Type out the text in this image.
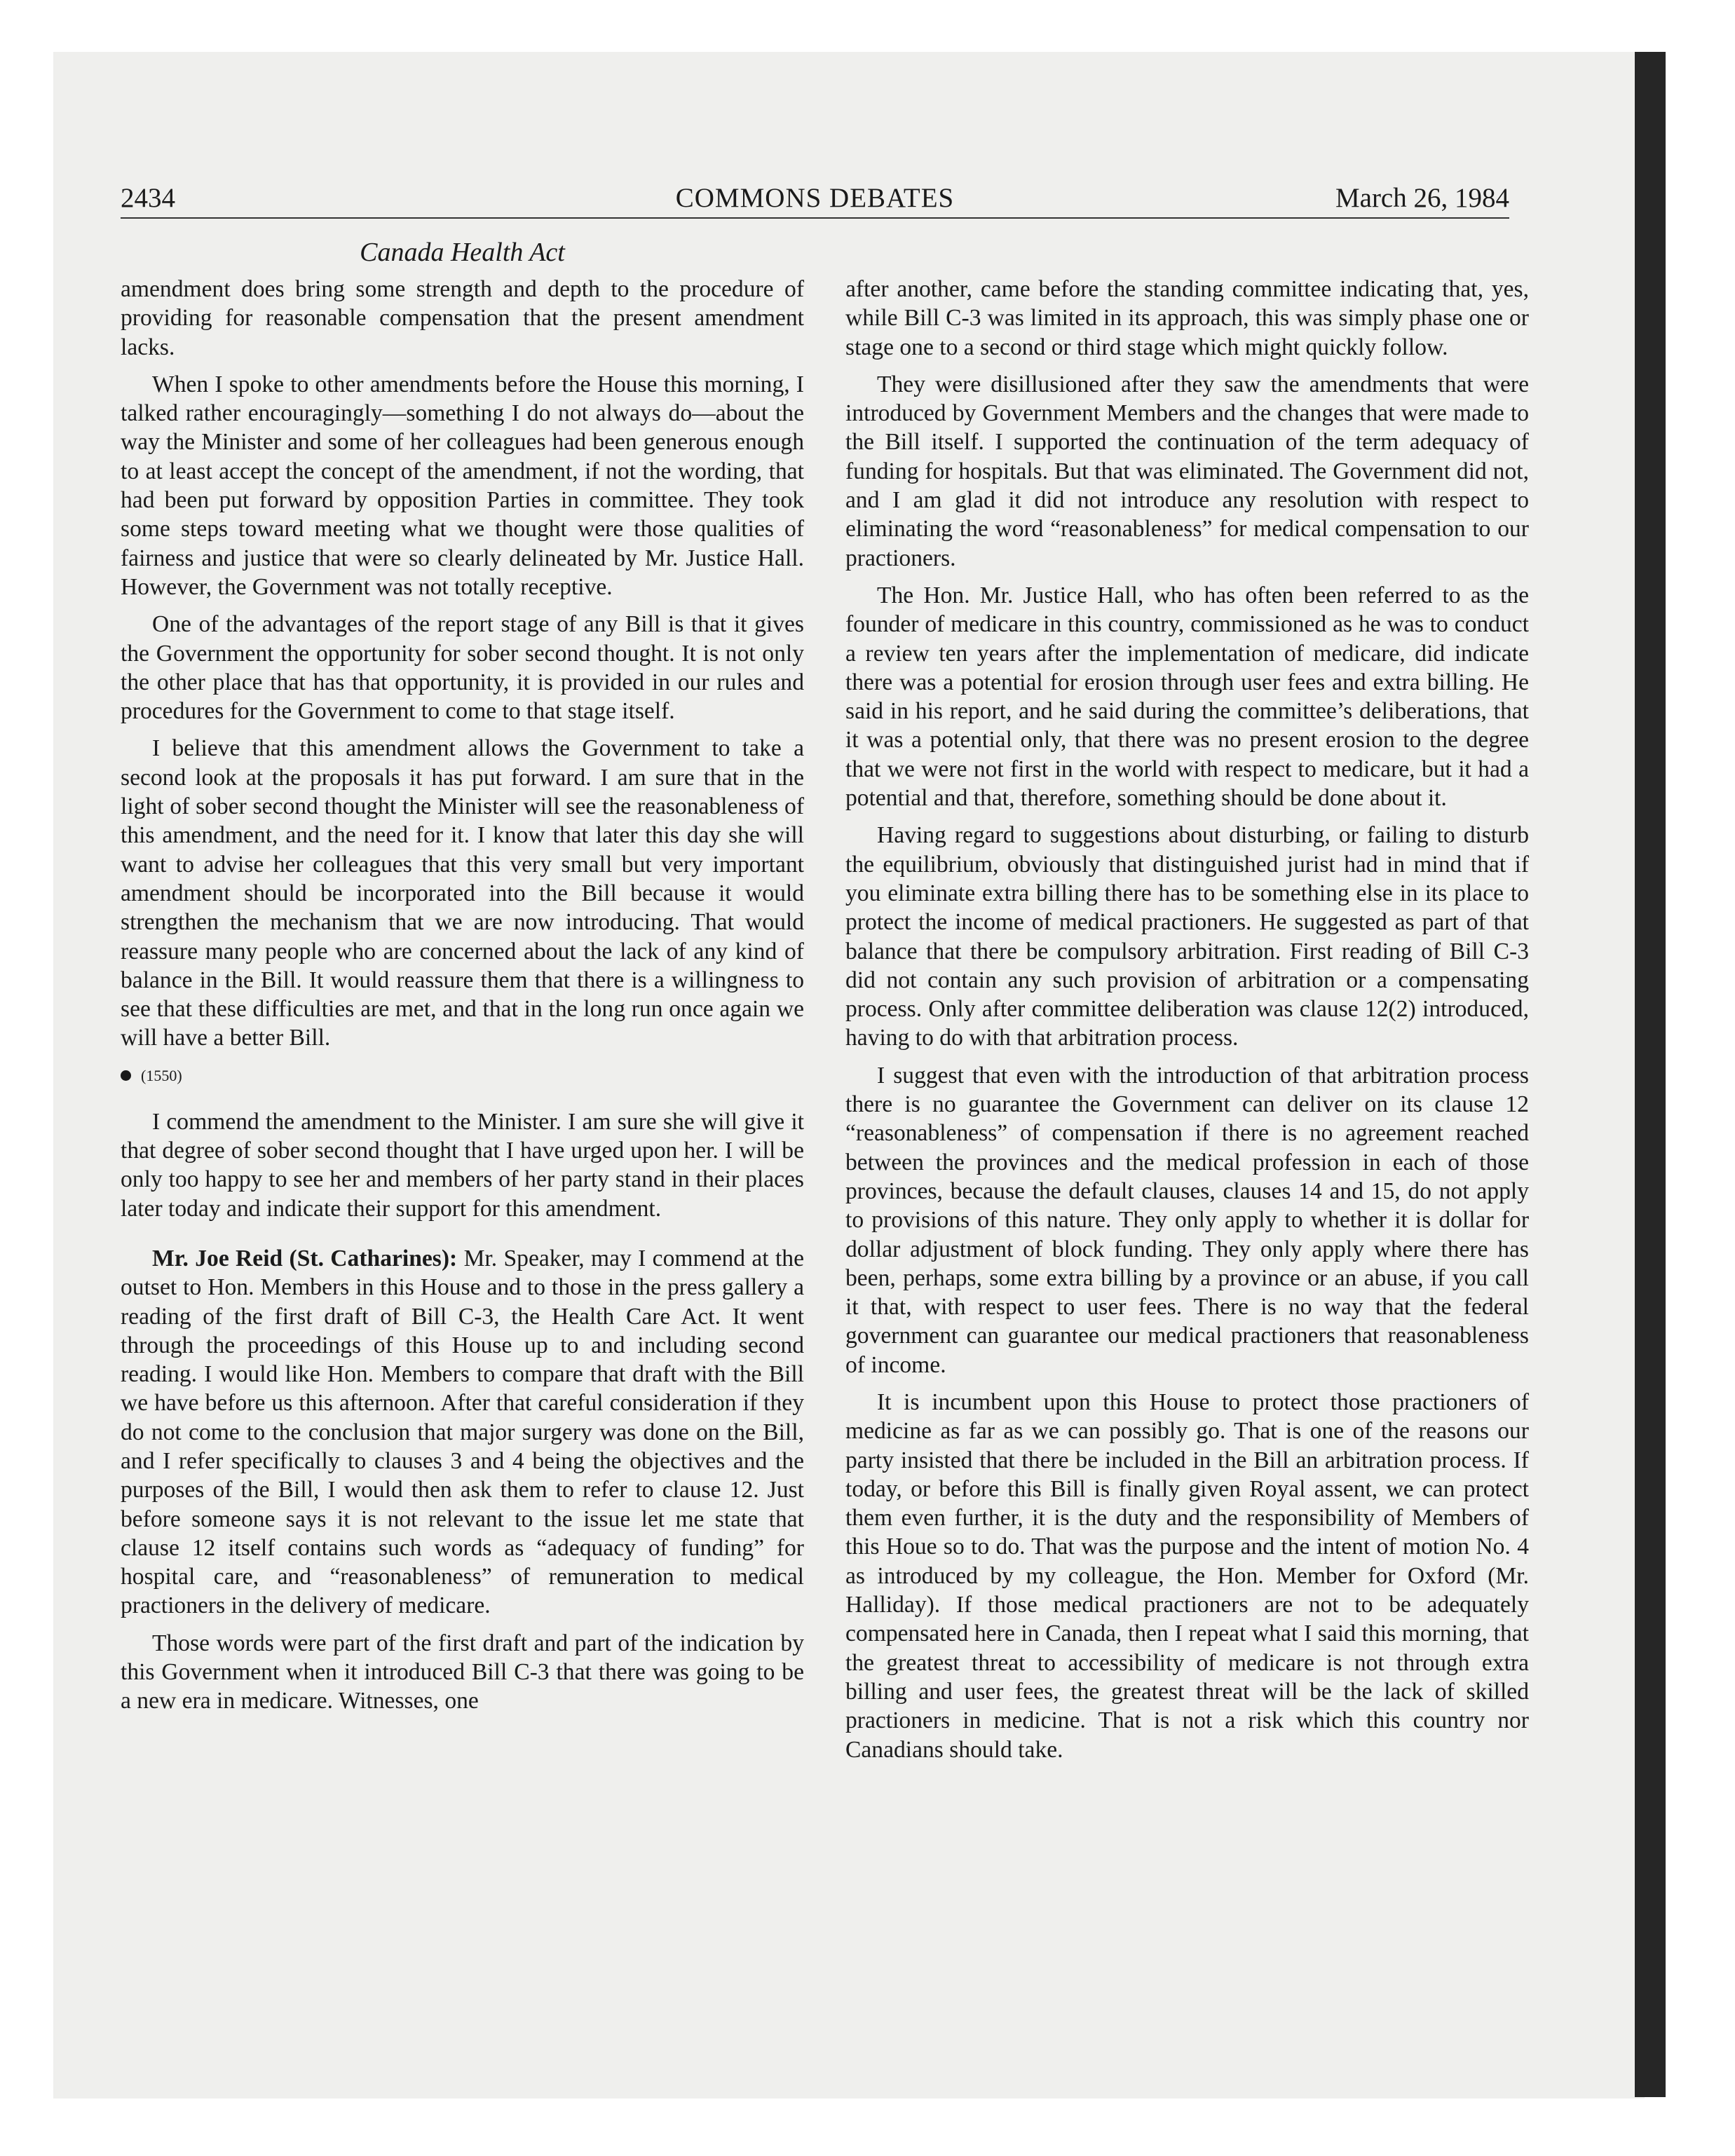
2434	COMMONS DEBATES	March 26, 1984
Canada Health Act

amendment does bring some strength and depth to the procedure of providing for reasonable compensation that the present amendment lacks.

When I spoke to other amendments before the House this morning, I talked rather encouragingly—something I do not always do—about the way the Minister and some of her colleagues had been generous enough to at least accept the concept of the amendment, if not the wording, that had been put forward by opposition Parties in committee. They took some steps toward meeting what we thought were those qualities of fairness and justice that were so clearly delineated by Mr. Justice Hall. However, the Government was not totally receptive.

One of the advantages of the report stage of any Bill is that it gives the Government the opportunity for sober second thought. It is not only the other place that has that opportunity, it is provided in our rules and procedures for the Government to come to that stage itself.

I believe that this amendment allows the Government to take a second look at the proposals it has put forward. I am sure that in the light of sober second thought the Minister will see the reasonableness of this amendment, and the need for it. I know that later this day she will want to advise her colleagues that this very small but very important amendment should be incorporated into the Bill because it would strengthen the mechanism that we are now introducing. That would reassure many people who are concerned about the lack of any kind of balance in the Bill. It would reassure them that there is a willingness to see that these difficulties are met, and that in the long run once again we will have a better Bill.

(1550)

I commend the amendment to the Minister. I am sure she will give it that degree of sober second thought that I have urged upon her. I will be only too happy to see her and members of her party stand in their places later today and indicate their support for this amendment.

Mr. Joe Reid (St. Catharines): Mr. Speaker, may I commend at the outset to Hon. Members in this House and to those in the press gallery a reading of the first draft of Bill C-3, the Health Care Act. It went through the proceedings of this House up to and including second reading. I would like Hon. Members to compare that draft with the Bill we have before us this afternoon. After that careful consideration if they do not come to the conclusion that major surgery was done on the Bill, and I refer specifically to clauses 3 and 4 being the objectives and the purposes of the Bill, I would then ask them to refer to clause 12. Just before someone says it is not relevant to the issue let me state that clause 12 itself contains such words as “adequacy of funding” for hospital care, and “reasonableness” of remuneration to medical practioners in the delivery of medicare.

Those words were part of the first draft and part of the indication by this Government when it introduced Bill C-3 that there was going to be a new era in medicare. Witnesses, one

after another, came before the standing committee indicating that, yes, while Bill C-3 was limited in its approach, this was simply phase one or stage one to a second or third stage which might quickly follow.

They were disillusioned after they saw the amendments that were introduced by Government Members and the changes that were made to the Bill itself. I supported the continuation of the term adequacy of funding for hospitals. But that was eliminated. The Government did not, and I am glad it did not introduce any resolution with respect to eliminating the word “reasonableness” for medical compensation to our practioners.

The Hon. Mr. Justice Hall, who has often been referred to as the founder of medicare in this country, commissioned as he was to conduct a review ten years after the implementation of medicare, did indicate there was a potential for erosion through user fees and extra billing. He said in his report, and he said during the committee’s deliberations, that it was a potential only, that there was no present erosion to the degree that we were not first in the world with respect to medicare, but it had a potential and that, therefore, something should be done about it.

Having regard to suggestions about disturbing, or failing to disturb the equilibrium, obviously that distinguished jurist had in mind that if you eliminate extra billing there has to be something else in its place to protect the income of medical practioners. He suggested as part of that balance that there be compulsory arbitration. First reading of Bill C-3 did not contain any such provision of arbitration or a compensating process. Only after committee deliberation was clause 12(2) introduced, having to do with that arbitration process.

I suggest that even with the introduction of that arbitration process there is no guarantee the Government can deliver on its clause 12 “reasonableness” of compensation if there is no agreement reached between the provinces and the medical profession in each of those provinces, because the default clauses, clauses 14 and 15, do not apply to provisions of this nature. They only apply to whether it is dollar for dollar adjustment of block funding. They only apply where there has been, perhaps, some extra billing by a province or an abuse, if you call it that, with respect to user fees. There is no way that the federal government can guarantee our medical practioners that reasonableness of income.

It is incumbent upon this House to protect those practioners of medicine as far as we can possibly go. That is one of the reasons our party insisted that there be included in the Bill an arbitration process. If today, or before this Bill is finally given Royal assent, we can protect them even further, it is the duty and the responsibility of Members of this Houe so to do. That was the purpose and the intent of motion No. 4 as introduced by my colleague, the Hon. Member for Oxford (Mr. Halliday). If those medical practioners are not to be adequately compensated here in Canada, then I repeat what I said this morning, that the greatest threat to accessibility of medicare is not through extra billing and user fees, the greatest threat will be the lack of skilled practioners in medicine. That is not a risk which this country nor Canadians should take.
